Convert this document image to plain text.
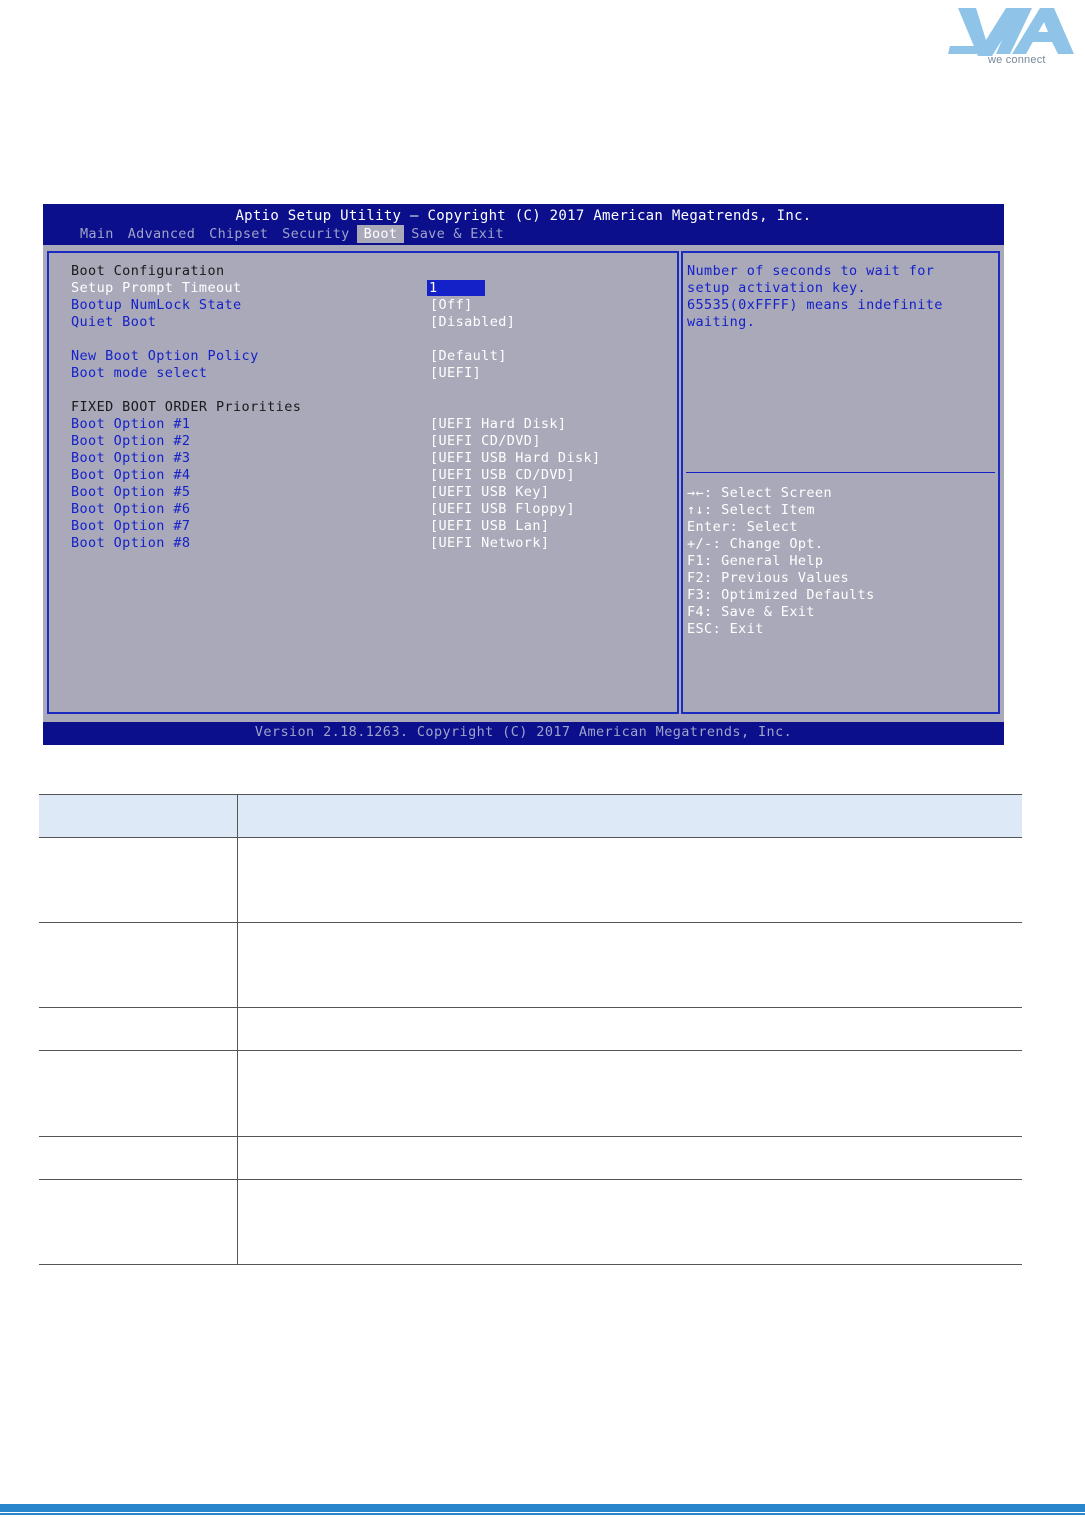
we connect
Aptio Setup Utility – Copyright (C) 2017 American Megatrends, Inc.
Main	Advanced	Chipset	Security	Boot	Save & Exit
Boot Configuration
Setup Prompt Timeout	1
Bootup NumLock State	[Off]
Quiet Boot	[Disabled]
New Boot Option Policy	[Default]
Boot mode select	[UEFI]
FIXED BOOT ORDER Priorities
Boot Option #1	[UEFI Hard Disk]
Boot Option #2	[UEFI CD/DVD]
Boot Option #3	[UEFI USB Hard Disk]
Boot Option #4	[UEFI USB CD/DVD]
Boot Option #5	[UEFI USB Key]
Boot Option #6	[UEFI USB Floppy]
Boot Option #7	[UEFI USB Lan]
Boot Option #8	[UEFI Network]
Number of seconds to wait for
setup activation key.
65535(0xFFFF) means indefinite
waiting.
→←: Select Screen
↑↓: Select Item
Enter: Select
+/-: Change Opt.
F1: General Help
F2: Previous Values
F3: Optimized Defaults
F4: Save & Exit
ESC: Exit
Version 2.18.1263. Copyright (C) 2017 American Megatrends, Inc.
